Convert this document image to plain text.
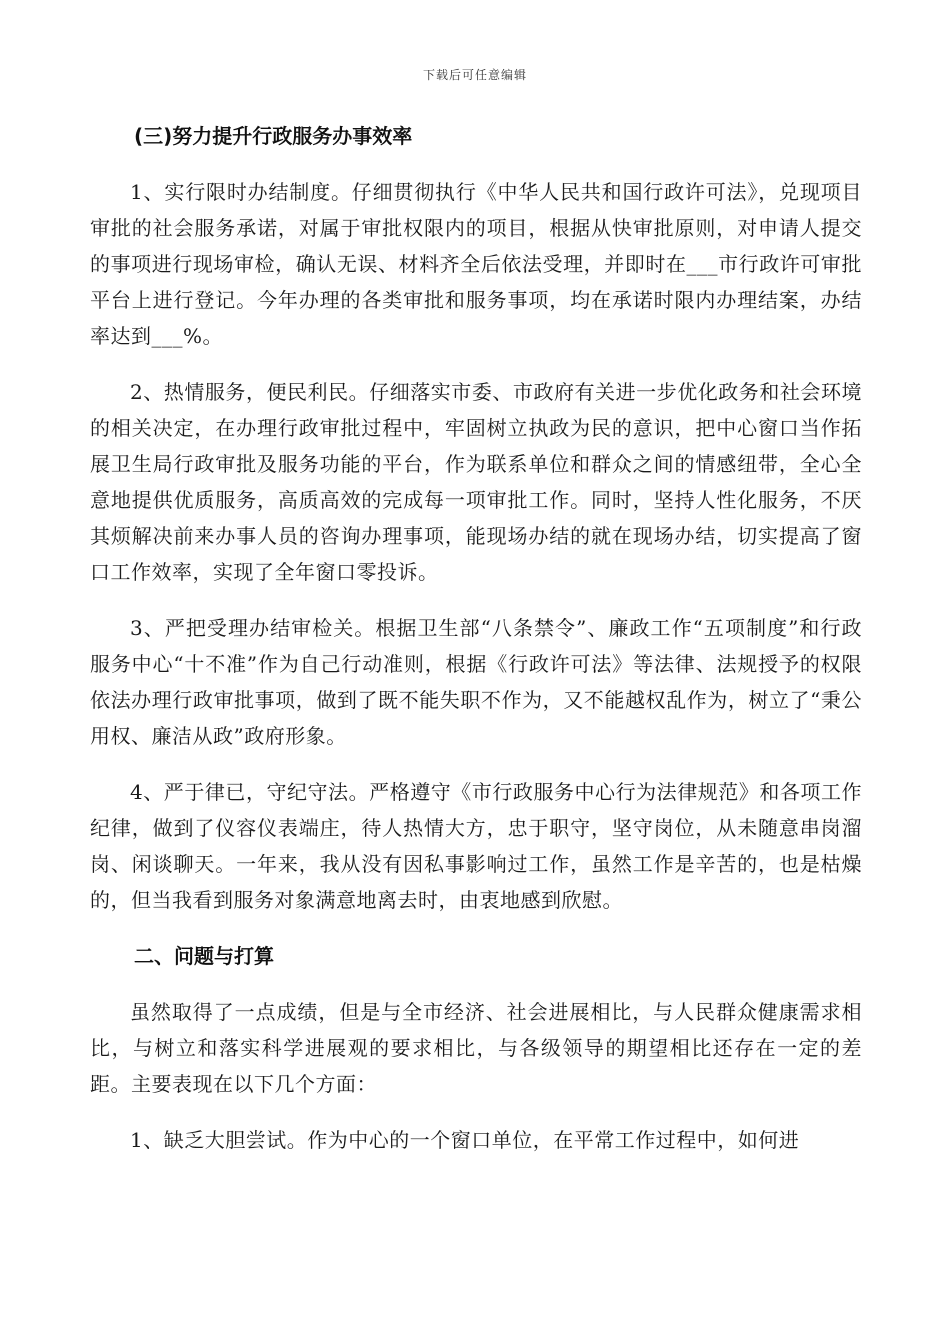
下载后可任意编辑
(三)努力提升行政服务办事效率

1、实行限时办结制度。仔细贯彻执行《中华人民共和国行政许可法》，兑现项目审批的社会服务承诺，对属于审批权限内的项目，根据从快审批原则，对申请人提交的事项进行现场审检，确认无误、材料齐全后依法受理，并即时在___市行政许可审批平台上进行登记。今年办理的各类审批和服务事项，均在承诺时限内办理结案，办结率达到___%。

2、热情服务，便民利民。仔细落实市委、市政府有关进一步优化政务和社会环境的相关决定，在办理行政审批过程中，牢固树立执政为民的意识，把中心窗口当作拓展卫生局行政审批及服务功能的平台，作为联系单位和群众之间的情感纽带，全心全意地提供优质服务，高质高效的完成每一项审批工作。同时，坚持人性化服务，不厌其烦解决前来办事人员的咨询办理事项，能现场办结的就在现场办结，切实提高了窗口工作效率，实现了全年窗口零投诉。

3、严把受理办结审检关。根据卫生部“八条禁令”、廉政工作“五项制度”和行政服务中心“十不准”作为自己行动准则，根据《行政许可法》等法律、法规授予的权限依法办理行政审批事项，做到了既不能失职不作为，又不能越权乱作为，树立了“秉公用权、廉洁从政”政府形象。

4、严于律已，守纪守法。严格遵守《市行政服务中心行为法律规范》和各项工作纪律，做到了仪容仪表端庄，待人热情大方，忠于职守，坚守岗位，从未随意串岗溜岗、闲谈聊天。一年来，我从没有因私事影响过工作，虽然工作是辛苦的，也是枯燥的，但当我看到服务对象满意地离去时，由衷地感到欣慰。

二、问题与打算

虽然取得了一点成绩，但是与全市经济、社会进展相比，与人民群众健康需求相比，与树立和落实科学进展观的要求相比，与各级领导的期望相比还存在一定的差距。主要表现在以下几个方面：

1、缺乏大胆尝试。作为中心的一个窗口单位，在平常工作过程中，如何进
